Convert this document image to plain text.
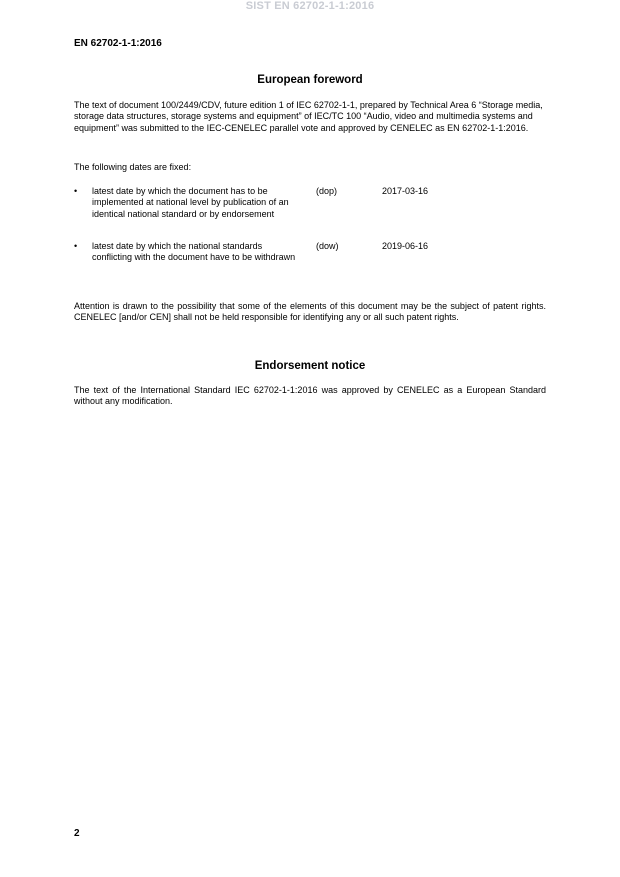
SIST EN 62702-1-1:2016
EN 62702-1-1:2016
European foreword
The text of document 100/2449/CDV, future edition 1 of IEC 62702-1-1, prepared by Technical Area 6 “Storage media, storage data structures, storage systems and equipment” of IEC/TC 100 “Audio, video and multimedia systems and equipment” was submitted to the IEC-CENELEC parallel vote and approved by CENELEC as EN 62702-1-1:2016.
The following dates are fixed:
• latest date by which the document has to be implemented at national level by publication of an identical national standard or by endorsement
(dop)	2017-03-16
• latest date by which the national standards conflicting with the document have to be withdrawn
(dow)	2019-06-16
Attention is drawn to the possibility that some of the elements of this document may be the subject of patent rights. CENELEC [and/or CEN] shall not be held responsible for identifying any or all such patent rights.
Endorsement notice
The text of the International Standard IEC 62702-1-1:2016 was approved by CENELEC as a European Standard without any modification.
2
